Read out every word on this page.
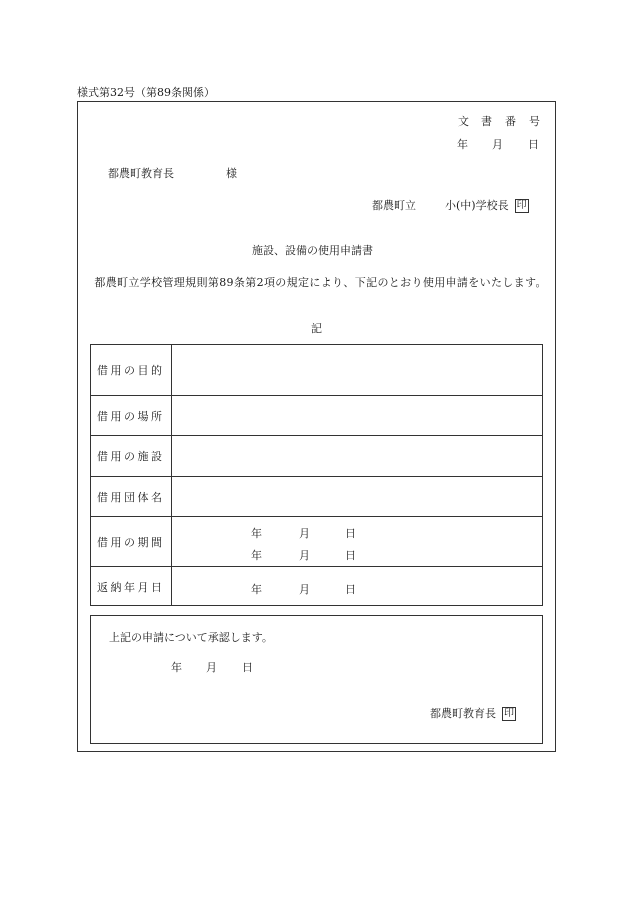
様式第32号（第89条関係）
文 書 番 号
年 月 日
都農町教育長	様
都農町立	小(中)学校長 印
施設、設備の使用申請書
　都農町立学校管理規則第89条第2項の規定により、下記のとおり使用申請をいたします。
記
借用の目的
借用の場所
借用の施設
借用団体名
借用の期間
年	月	日
年	月	日
返納年月日	年	月	日
上記の申請について承認します。
年 月 日
都農町教育長 印
